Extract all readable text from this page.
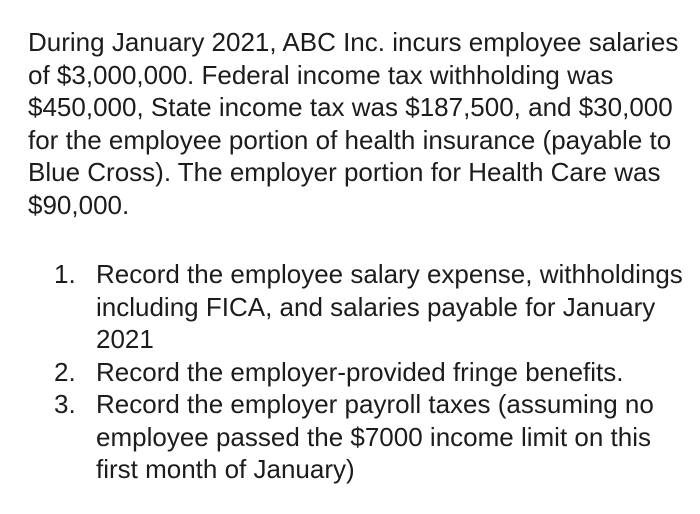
During January 2021, ABC Inc. incurs employee salaries of $3,000,000. Federal income tax withholding was $450,000, State income tax was $187,500, and $30,000 for the employee portion of health insurance (payable to Blue Cross). The employer portion for Health Care was $90,000.
1. Record the employee salary expense, withholdings including FICA, and salaries payable for January 2021
2. Record the employer-provided fringe benefits.
3. Record the employer payroll taxes (assuming no employee passed the $7000 income limit on this first month of January)
